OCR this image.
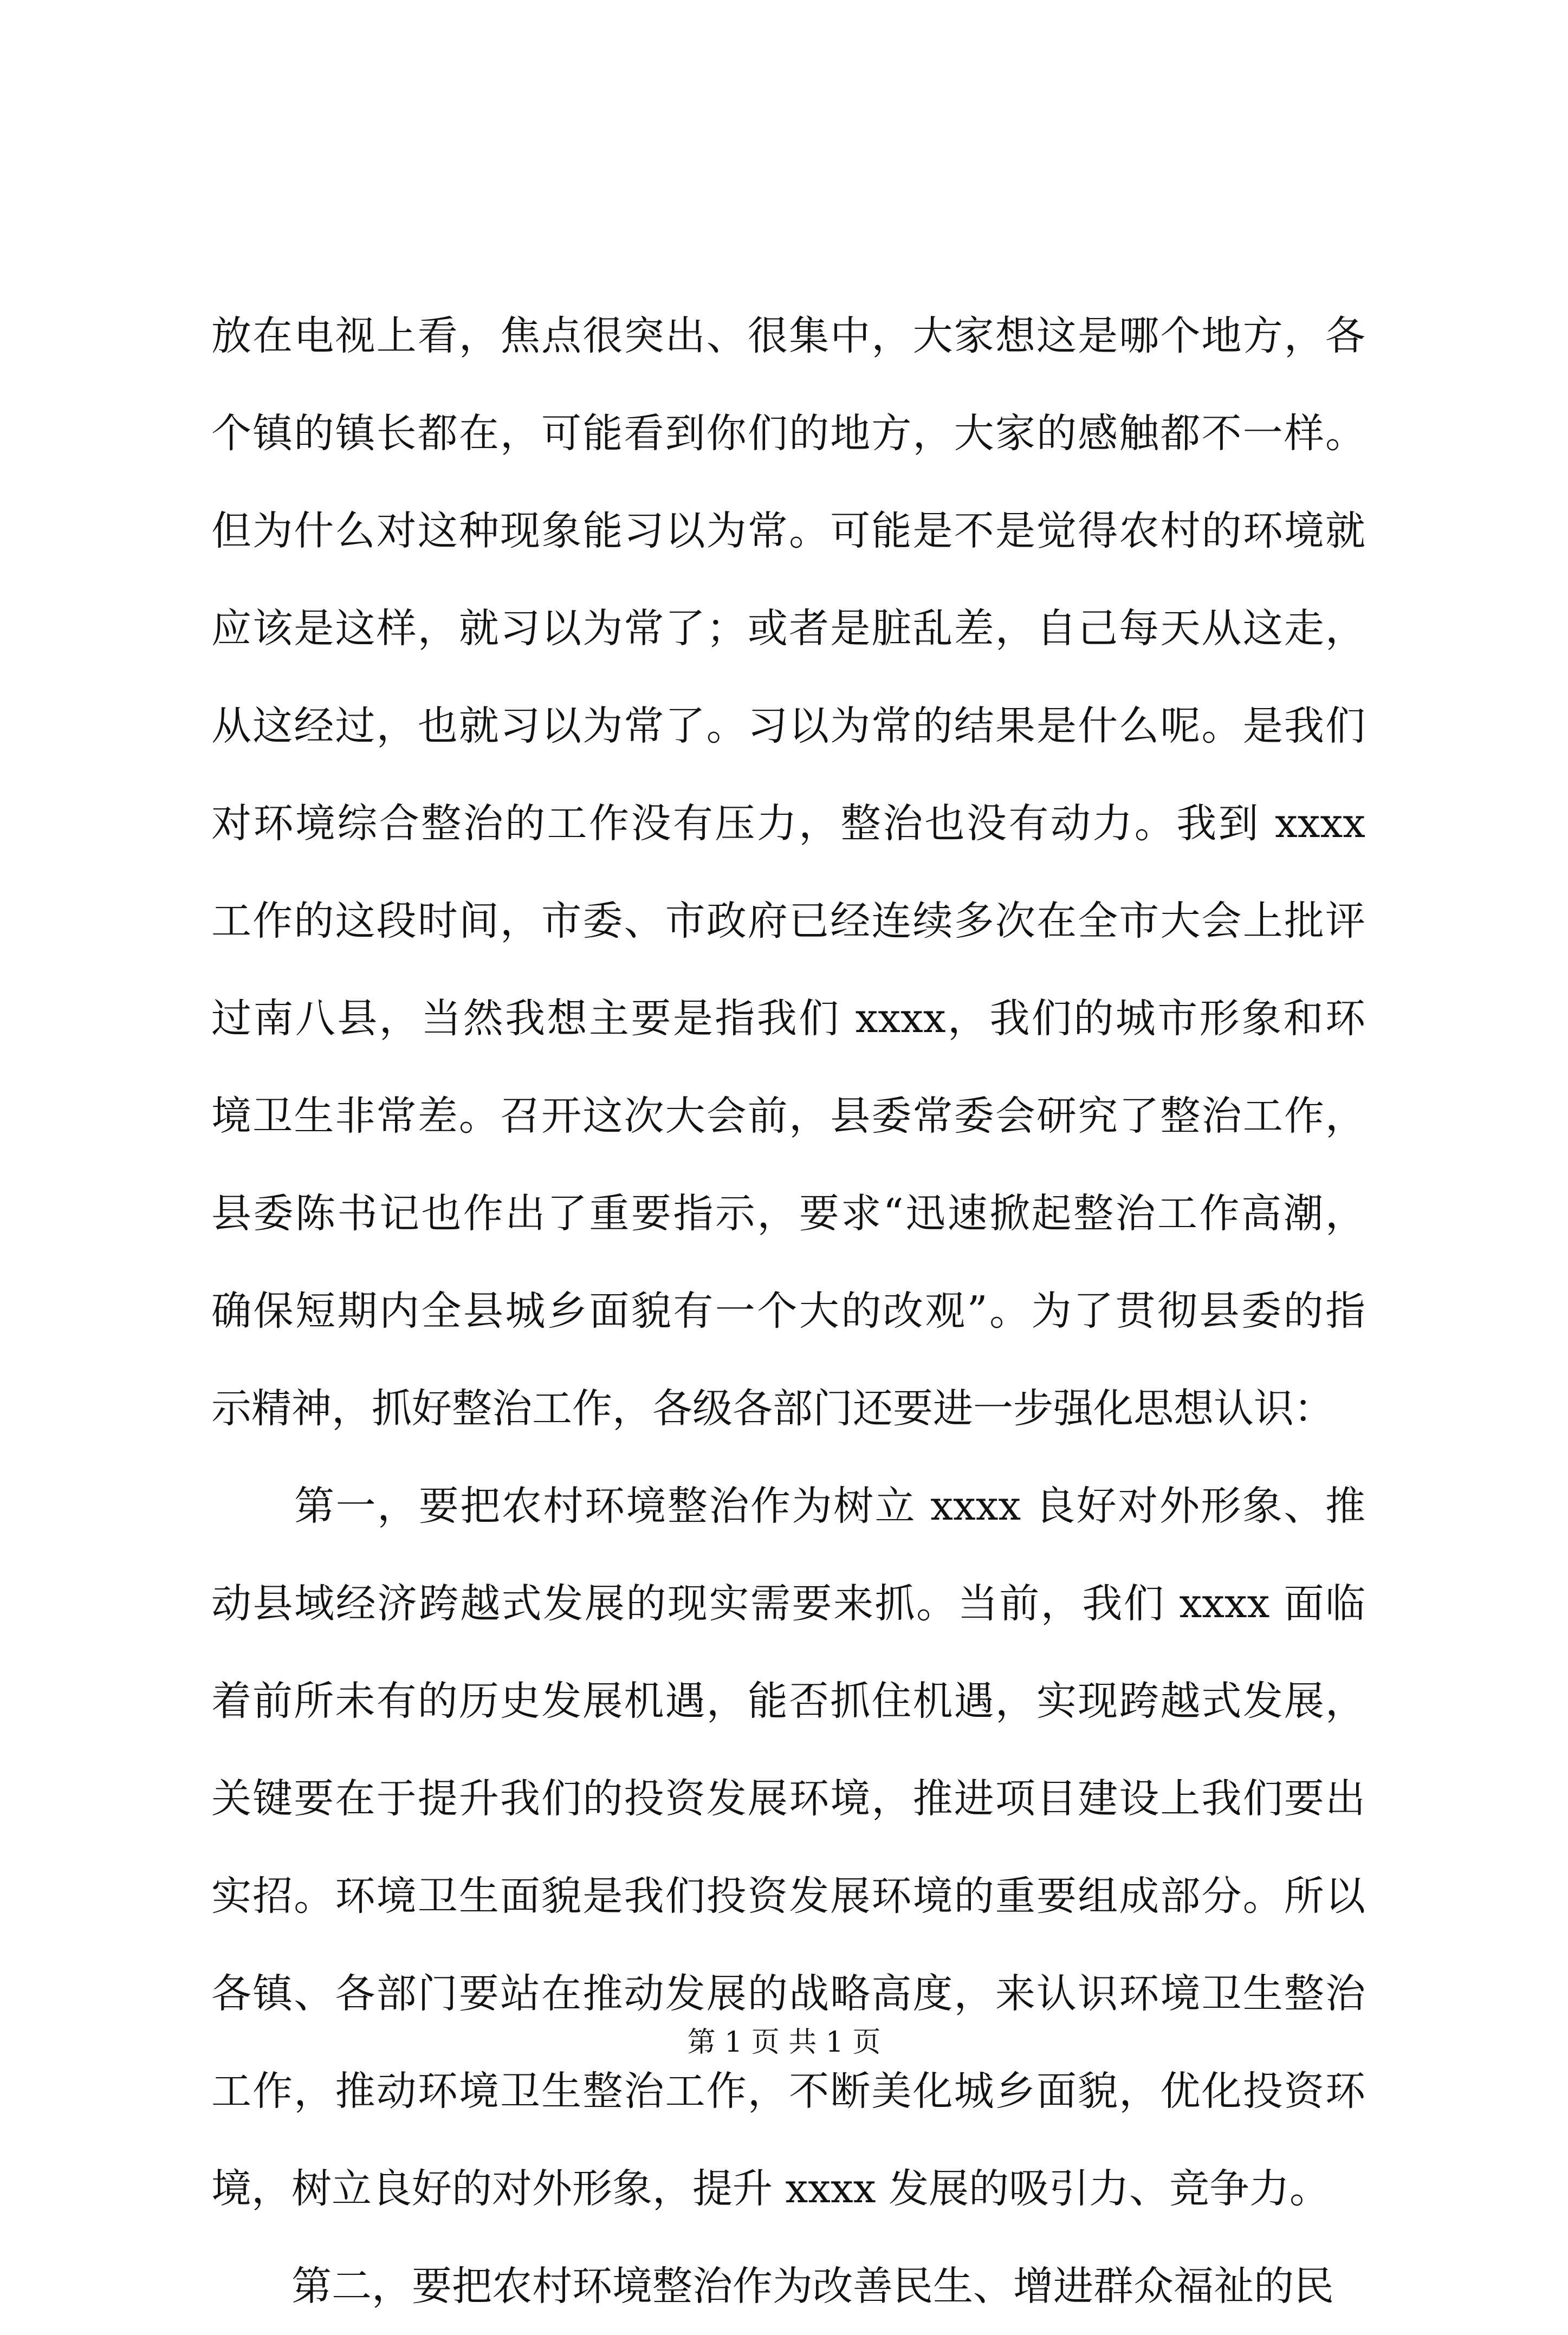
放在电视上看，焦点很突出、很集中，大家想这是哪个地方，各
个镇的镇长都在，可能看到你们的地方，大家的感触都不一样。
但为什么对这种现象能习以为常。可能是不是觉得农村的环境就
应该是这样，就习以为常了；或者是脏乱差，自己每天从这走，
从这经过，也就习以为常了。习以为常的结果是什么呢。是我们
对环境综合整治的工作没有压力，整治也没有动力。我到 xxxx
工作的这段时间，市委、市政府已经连续多次在全市大会上批评
过南八县，当然我想主要是指我们 xxxx，我们的城市形象和环
境卫生非常差。召开这次大会前，县委常委会研究了整治工作，
县委陈书记也作出了重要指示，要求“迅速掀起整治工作高潮，
确保短期内全县城乡面貌有一个大的改观”。为了贯彻县委的指
示精神，抓好整治工作，各级各部门还要进一步强化思想认识：
　　第一，要把农村环境整治作为树立 xxxx 良好对外形象、推
动县域经济跨越式发展的现实需要来抓。当前，我们 xxxx 面临
着前所未有的历史发展机遇，能否抓住机遇，实现跨越式发展，
关键要在于提升我们的投资发展环境，推进项目建设上我们要出
实招。环境卫生面貌是我们投资发展环境的重要组成部分。所以
各镇、各部门要站在推动发展的战略高度，来认识环境卫生整治
工作，推动环境卫生整治工作，不断美化城乡面貌，优化投资环
境，树立良好的对外形象，提升 xxxx 发展的吸引力、竞争力。
　　第二，要把农村环境整治作为改善民生、增进群众福祉的民
第 1 页 共 1 页
